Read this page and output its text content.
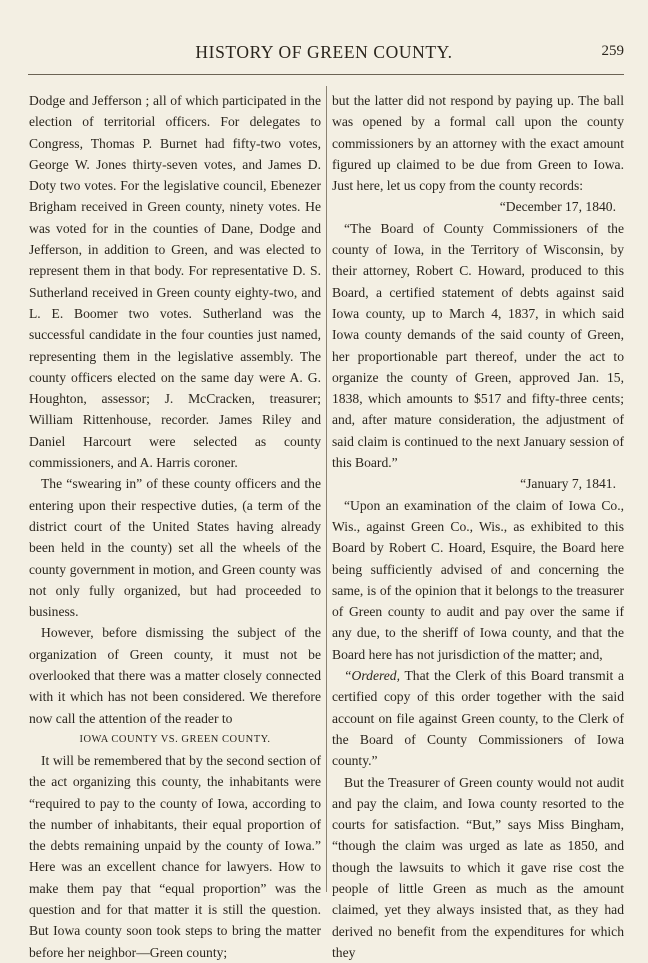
HISTORY OF GREEN COUNTY.	259

Dodge and Jefferson ; all of which participated in the election of territorial officers. For delegates to Congress, Thomas P. Burnet had fifty-two votes, George W. Jones thirty-seven votes, and James D. Doty two votes. For the legislative council, Ebenezer Brigham received in Green county, ninety votes. He was voted for in the counties of Dane, Dodge and Jefferson, in addition to Green, and was elected to represent them in that body. For representative D. S. Sutherland received in Green county eighty-two, and L. E. Boomer two votes. Sutherland was the successful candidate in the four counties just named, representing them in the legislative assembly. The county officers elected on the same day were A. G. Houghton, assessor; J. McCracken, treasurer; William Rittenhouse, recorder. James Riley and Daniel Harcourt were selected as county commissioners, and A. Harris coroner.

The “swearing in” of these county officers and the entering upon their respective duties, (a term of the district court of the United States having already been held in the county) set all the wheels of the county government in motion, and Green county was not only fully organized, but had proceeded to business.

However, before dismissing the subject of the organization of Green county, it must not be overlooked that there was a matter closely connected with it which has not been considered. We therefore now call the attention of the reader to

IOWA COUNTY VS. GREEN COUNTY.

It will be remembered that by the second section of the act organizing this county, the inhabitants were “required to pay to the county of Iowa, according to the number of inhabitants, their equal proportion of the debts remaining unpaid by the county of Iowa.” Here was an excellent chance for lawyers. How to make them pay that “equal proportion” was the question and for that matter it is still the question. But Iowa county soon took steps to bring the matter before her neighbor—Green county;

but the latter did not respond by paying up. The ball was opened by a formal call upon the county commissioners by an attorney with the exact amount figured up claimed to be due from Green to Iowa. Just here, let us copy from the county records:

“December 17, 1840.

“The Board of County Commissioners of the county of Iowa, in the Territory of Wisconsin, by their attorney, Robert C. Howard, produced to this Board, a certified statement of debts against said Iowa county, up to March 4, 1837, in which said Iowa county demands of the said county of Green, her proportionable part thereof, under the act to organize the county of Green, approved Jan. 15, 1838, which amounts to $517 and fifty-three cents; and, after mature consideration, the adjustment of said claim is continued to the next January session of this Board.”

“January 7, 1841.

“Upon an examination of the claim of Iowa Co., Wis., against Green Co., Wis., as exhibited to this Board by Robert C. Hoard, Esquire, the Board here being sufficiently advised of and concerning the same, is of the opinion that it belongs to the treasurer of Green county to audit and pay over the same if any due, to the sheriff of Iowa county, and that the Board here has not jurisdiction of the matter; and,

“Ordered, That the Clerk of this Board transmit a certified copy of this order together with the said account on file against Green county, to the Clerk of the Board of County Commissioners of Iowa county.”

But the Treasurer of Green county would not audit and pay the claim, and Iowa county resorted to the courts for satisfaction. “But,” says Miss Bingham, “though the claim was urged as late as 1850, and though the lawsuits to which it gave rise cost the people of little Green as much as the amount claimed, yet they always insisted that, as they had derived no benefit from the expenditures for which they
